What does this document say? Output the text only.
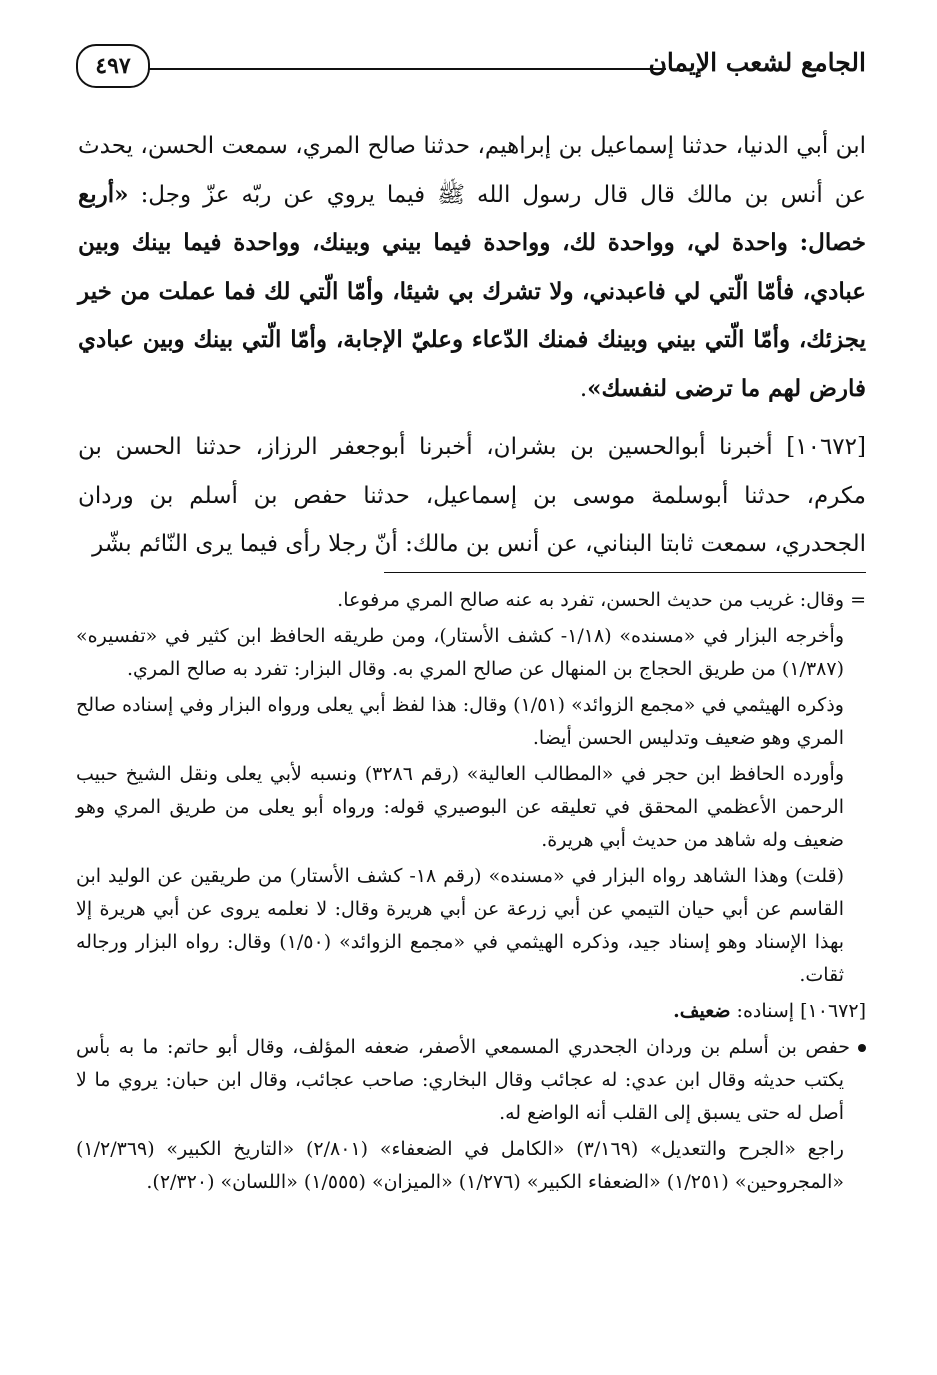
الجامع لشعب الإيمان
٤٩٧

ابن أبي الدنيا، حدثنا إسماعيل بن إبراهيم، حدثنا صالح المري، سمعت الحسن، يحدث عن أنس بن مالك قال قال رسول الله ﷺ فيما يروي عن ربّه عزّ وجل: «أربع خصال: واحدة لي، وواحدة لك، وواحدة فيما بيني وبينك، وواحدة فيما بينك وبين عبادي، فأمّا الّتي لي فاعبدني، ولا تشرك بي شيئا، وأمّا الّتي لك فما عملت من خير يجزئك، وأمّا الّتي بيني وبينك فمنك الدّعاء وعليّ الإجابة، وأمّا الّتي بينك وبين عبادي فارض لهم ما ترضى لنفسك».

[١٠٦٧٢] أخبرنا أبوالحسين بن بشران، أخبرنا أبوجعفر الرزاز، حدثنا الحسن بن مكرم، حدثنا أبوسلمة موسى بن إسماعيل، حدثنا حفص بن أسلم بن وردان الجحدري، سمعت ثابتا البناني، عن أنس بن مالك: أنّ رجلا رأى فيما يرى النّائم بشّر

= وقال: غريب من حديث الحسن، تفرد به عنه صالح المري مرفوعا.

وأخرجه البزار في «مسنده» (١/١٨- كشف الأستار)، ومن طريقه الحافظ ابن كثير في «تفسيره» (١/٣٨٧) من طريق الحجاج بن المنهال عن صالح المري به. وقال البزار: تفرد به صالح المري.

وذكره الهيثمي في «مجمع الزوائد» (١/٥١) وقال: هذا لفظ أبي يعلى ورواه البزار وفي إسناده صالح المري وهو ضعيف وتدليس الحسن أيضا.

وأورده الحافظ ابن حجر في «المطالب العالية» (رقم ٣٢٨٦) ونسبه لأبي يعلى ونقل الشيخ حبيب الرحمن الأعظمي المحقق في تعليقه عن البوصيري قوله: ورواه أبو يعلى من طريق المري وهو ضعيف وله شاهد من حديث أبي هريرة.

(قلت) وهذا الشاهد رواه البزار في «مسنده» (رقم ١٨- كشف الأستار) من طريقين عن الوليد ابن القاسم عن أبي حيان التيمي عن أبي زرعة عن أبي هريرة وقال: لا نعلمه يروى عن أبي هريرة إلا بهذا الإسناد وهو إسناد جيد، وذكره الهيثمي في «مجمع الزوائد» (١/٥٠) وقال: رواه البزار ورجاله ثقات.

[١٠٦٧٢] إسناده: ضعيف.

حفص بن أسلم بن وردان الجحدري المسمعي الأصفر، ضعفه المؤلف، وقال أبو حاتم: ما به بأس يكتب حديثه وقال ابن عدي: له عجائب وقال البخاري: صاحب عجائب، وقال ابن حبان: يروي ما لا أصل له حتى يسبق إلى القلب أنه الواضع له.

راجع «الجرح والتعديل» (٣/١٦٩) «الكامل في الضعفاء» (٢/٨٠١) «التاريخ الكبير» (١/٢/٣٦٩) «المجروحين» (١/٢٥١) «الضعفاء الكبير» (١/٢٧٦) «الميزان» (١/٥٥٥) «اللسان» (٢/٣٢٠).
